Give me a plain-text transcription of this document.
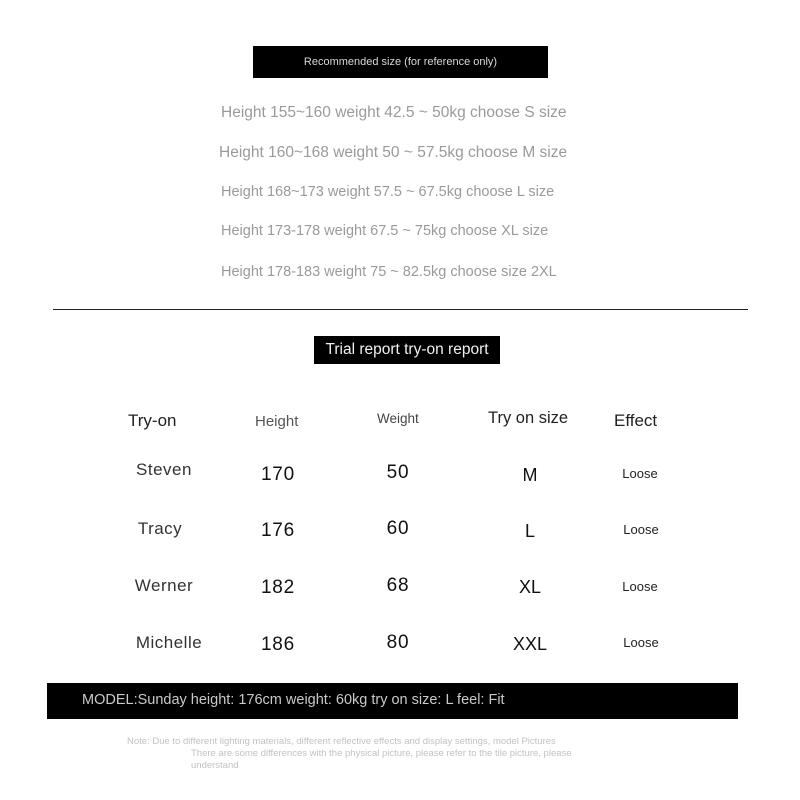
Recommended size (for reference only)
Height 155~160 weight 42.5 ~ 50kg choose S size
Height 160~168 weight 50 ~ 57.5kg choose M size
Height 168~173 weight 57.5 ~ 67.5kg choose L size
Height 173-178 weight 67.5 ~ 75kg choose XL size
Height 178-183 weight 75 ~ 82.5kg choose size 2XL
Trial report try-on report
Try-on	Height	Weight	Try on size	Effect
Steven	170	50	M	Loose
Tracy	176	60	L	Loose
Werner	182	68	XL	Loose
Michelle	186	80	XXL	Loose
MODEL:Sunday height: 176cm weight: 60kg try on size: L feel: Fit
Note: Due to different lighting materials, different reflective effects and display settings, model Pictures
There are some differences with the physical picture, please refer to the tile picture, please
understand
